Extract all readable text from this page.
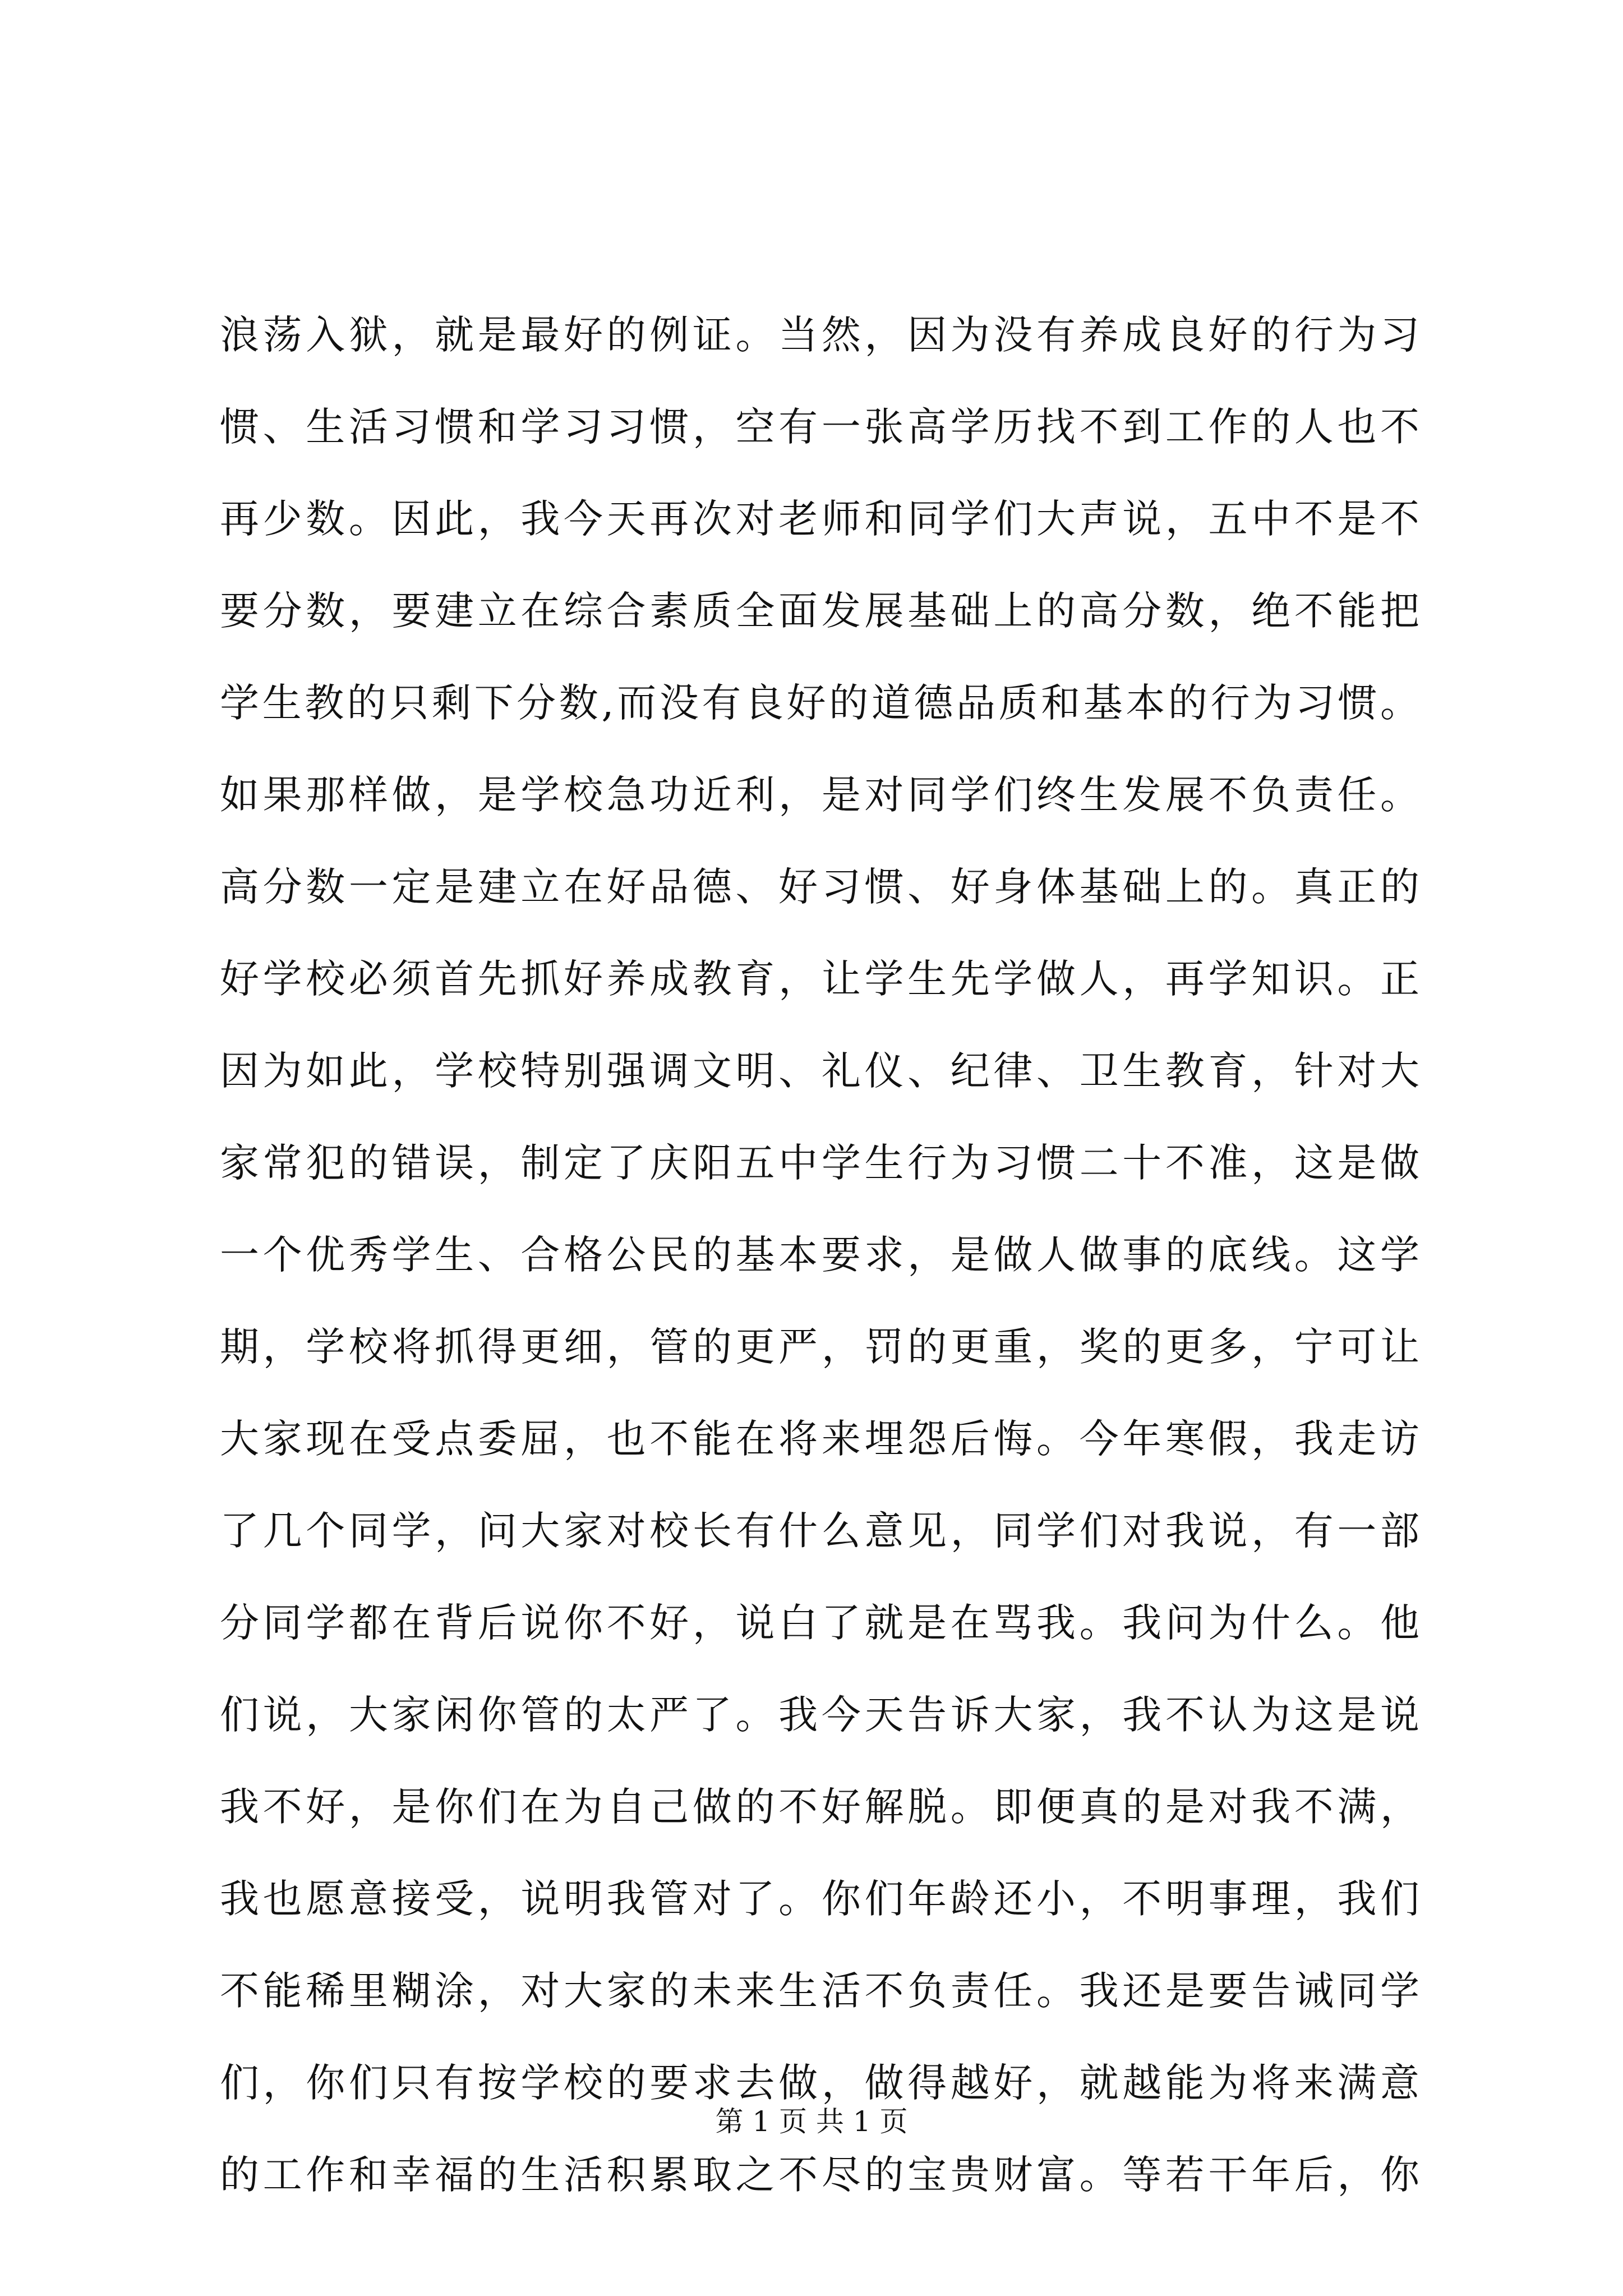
浪荡入狱，就是最好的例证。当然，因为没有养成良好的行为习
惯、生活习惯和学习习惯，空有一张高学历找不到工作的人也不
再少数。因此，我今天再次对老师和同学们大声说，五中不是不
要分数，要建立在综合素质全面发展基础上的高分数，绝不能把
学生教的只剩下分数,而没有良好的道德品质和基本的行为习惯。
如果那样做，是学校急功近利，是对同学们终生发展不负责任。
高分数一定是建立在好品德、好习惯、好身体基础上的。真正的
好学校必须首先抓好养成教育，让学生先学做人，再学知识。正
因为如此，学校特别强调文明、礼仪、纪律、卫生教育，针对大
家常犯的错误，制定了庆阳五中学生行为习惯二十不准，这是做
一个优秀学生、合格公民的基本要求，是做人做事的底线。这学
期，学校将抓得更细，管的更严，罚的更重，奖的更多，宁可让
大家现在受点委屈，也不能在将来埋怨后悔。今年寒假，我走访
了几个同学，问大家对校长有什么意见，同学们对我说，有一部
分同学都在背后说你不好，说白了就是在骂我。我问为什么。他
们说，大家闲你管的太严了。我今天告诉大家，我不认为这是说
我不好，是你们在为自己做的不好解脱。即便真的是对我不满，
我也愿意接受，说明我管对了。你们年龄还小，不明事理，我们
不能稀里糊涂，对大家的未来生活不负责任。我还是要告诫同学
们，你们只有按学校的要求去做，做得越好，就越能为将来满意
的工作和幸福的生活积累取之不尽的宝贵财富。等若干年后，你
第 1 页 共 1 页
